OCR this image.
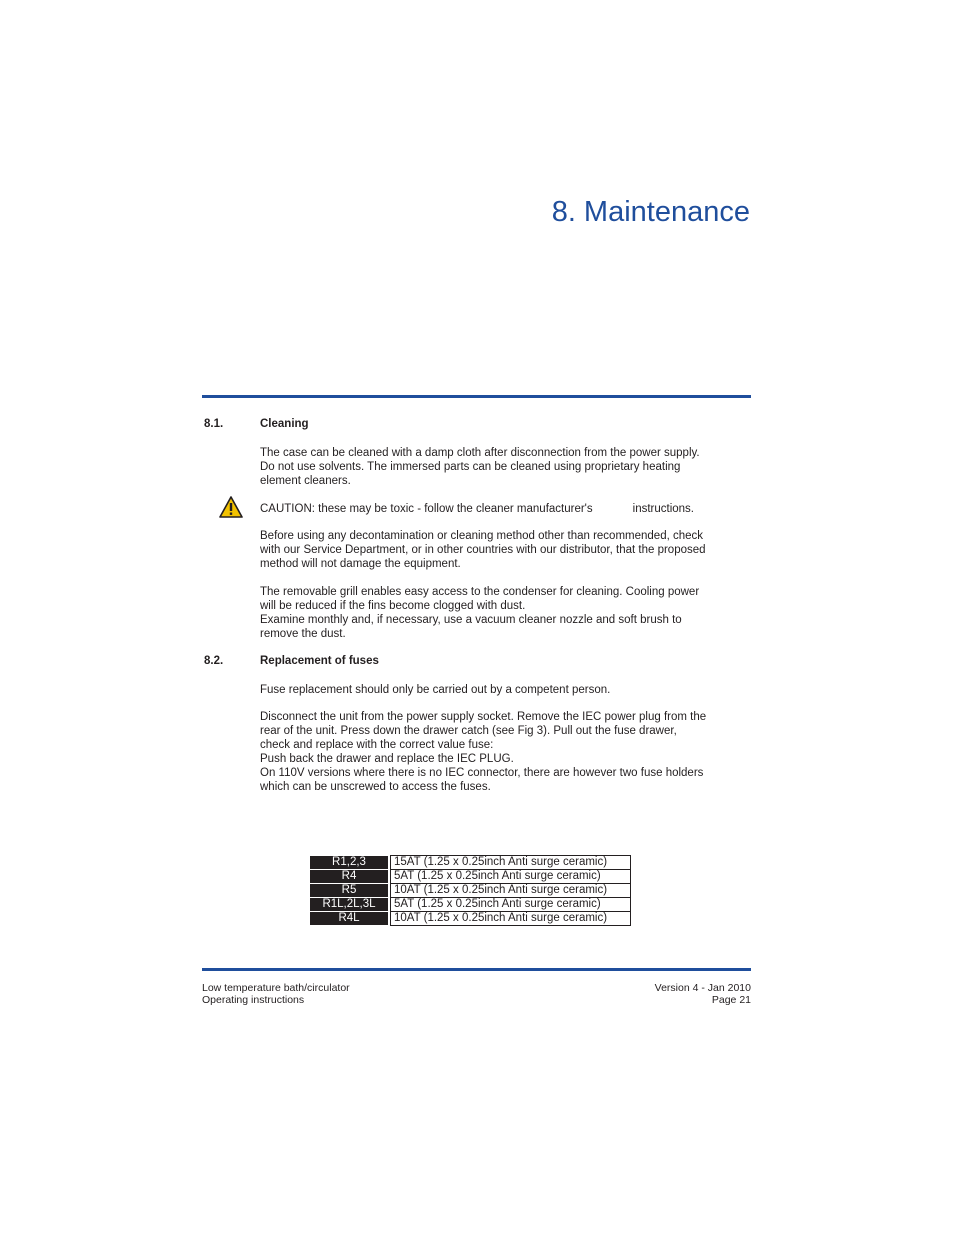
8. Maintenance
8.1.	Cleaning

The case can be cleaned with a damp cloth after disconnection from the power supply.

Do not use solvents. The immersed parts can be cleaned using proprietary heating

element cleaners.

CAUTION: these may be toxic - follow the cleaner manufacturer's	instructions.

Before using any decontamination or cleaning method other than recommended, check

with our Service Department, or in other countries with our distributor, that the proposed

method will not damage the equipment.

The removable grill enables easy access to the condenser for cleaning. Cooling power

will be reduced if the fins become clogged with dust.

Examine monthly and, if necessary, use a vacuum cleaner nozzle and soft brush to

remove the dust.

8.2.	Replacement of fuses

Fuse replacement should only be carried out by a competent person.

Disconnect the unit from the power supply socket. Remove the IEC power plug from the

rear of the unit. Press down the drawer catch (see Fig 3). Pull out the fuse drawer,

check and replace with the correct value fuse:

Push back the drawer and replace the IEC PLUG.

On 110V versions where there is no IEC connector, there are however two fuse holders

which can be unscrewed to access the fuses.

R1,2,3		15AT (1.25 x 0.25inch Anti surge ceramic)
R4		5AT (1.25 x 0.25inch Anti surge ceramic)
R5		10AT (1.25 x 0.25inch Anti surge ceramic)
R1L,2L,3L		5AT (1.25 x 0.25inch Anti surge ceramic)
R4L		10AT (1.25 x 0.25inch Anti surge ceramic)
Low temperature bath/circulator
Operating instructions
Version 4 - Jan 2010
Page 21
